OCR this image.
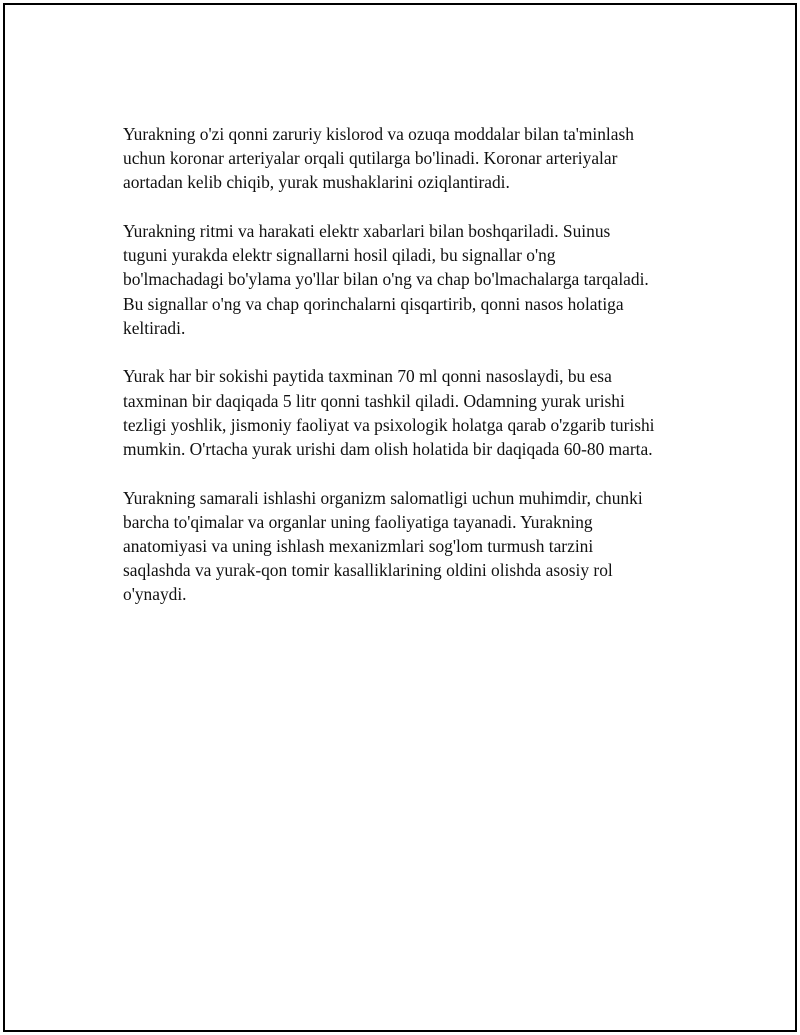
Yurakning o'zi qonni zaruriy kislorod va ozuqa moddalar bilan ta'minlash
uchun koronar arteriyalar orqali qutilarga bo'linadi. Koronar arteriyalar
aortadan kelib chiqib, yurak mushaklarini oziqlantiradi.

Yurakning ritmi va harakati elektr xabarlari bilan boshqariladi. Suinus
tuguni yurakda elektr signallarni hosil qiladi, bu signallar o'ng
bo'lmachadagi bo'ylama yo'llar bilan o'ng va chap bo'lmachalarga tarqaladi.
Bu signallar o'ng va chap qorinchalarni qisqartirib, qonni nasos holatiga
keltiradi.

Yurak har bir sokishi paytida taxminan 70 ml qonni nasoslaydi, bu esa
taxminan bir daqiqada 5 litr qonni tashkil qiladi. Odamning yurak urishi
tezligi yoshlik, jismoniy faoliyat va psixologik holatga qarab o'zgarib turishi
mumkin. O'rtacha yurak urishi dam olish holatida bir daqiqada 60-80 marta.

Yurakning samarali ishlashi organizm salomatligi uchun muhimdir, chunki
barcha to'qimalar va organlar uning faoliyatiga tayanadi. Yurakning
anatomiyasi va uning ishlash mexanizmlari sog'lom turmush tarzini
saqlashda va yurak-qon tomir kasalliklarining oldini olishda asosiy rol
o'ynaydi.
